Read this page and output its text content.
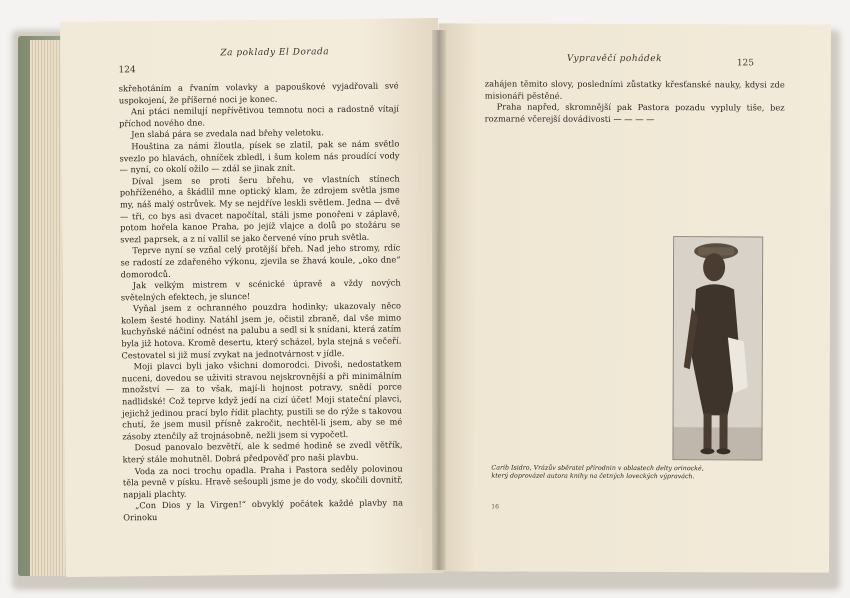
124
Za poklady El Dorada

skřehotáním a řvaním volavky a papouškové vyjadřovali své uspokojení, že příšerné noci je konec.

Ani ptáci nemilují nepřívětivou temnotu noci a radostně vítají příchod nového dne.

Jen slabá pára se zvedala nad břehy veletoku.

Houština za námi žloutla, písek se zlatil, pak se nám světlo svezlo po hlavách, ohníček zbledl, i šum kolem nás proudící vody — nyní, co okolí ožilo — zdál se jinak znít.

Díval jsem se proti šeru břehu, ve vlastních stínech pohříženého, a škádlil mne optický klam, že zdrojem světla jsme my, náš malý ostrůvek. My se nejdříve leskli světlem. Jedna — dvě — tři, co bys asi dvacet napočítal, stáli jsme ponořeni v záplavě, potom hořela kanoe Praha, po jejíž vlajce a dolů po stožáru se svezl paprsek, a z ní vallil se jako červené víno pruh světla.

Teprve nyní se vzňal celý protější břeh. Nad jeho stromy, rdíc se radostí ze zdařeného výkonu, zjevila se žhavá koule, „oko dne“ domorodců.

Jak velkým mistrem v scénické úpravě a vždy nových světelných efektech, je slunce!

Vyňal jsem z ochranného pouzdra hodinky; ukazovaly něco kolem šesté hodiny. Natáhl jsem je, očistil zbraně, dal vše mimo kuchyňské náčiní odnést na palubu a sedl si k snídani, která zatím byla již hotova. Kromě desertu, který scházel, byla stejná s večeří. Cestovatel si již musí zvykat na jednotvárnost v jídle.

Moji plavci byli jako všichni domorodci. Divoši, nedostatkem nuceni, dovedou se uživiti stravou nejskrovnější a při minimálním množství — za to však, mají-li hojnost potravy, snědí porce nadlidské! Což teprve když jedí na cizí účet! Moji stateční plavci, jejichž jedinou prací bylo řídit plachty, pustili se do rýže s takovou chutí, že jsem musil přísně zakročit, nechtěl-li jsem, aby se mé zásoby ztenčily až trojnásobně, nežli jsem si vypočetl.

Dosud panovalo bezvětří, ale k sedmé hodině se zvedl větřík, který stále mohutněl. Dobrá předpověď pro naši plavbu.

Voda za noci trochu opadla. Praha i Pastora seděly polovinou těla pevně v písku. Hravě sešoupli jsme je do vody, skočili dovnitř, napjali plachty.

„Con Dios y la Virgen!“ obvyklý počátek každé plavby na Orinoku

Vypravěčí pohádek	125

zahájen těmito slovy, posledními zůstatky křesťanské nauky, kdysi zde misionáři pěstěné.

Praha napřed, skromnější pak Pastora pozadu vypluly tiše, bez rozmarné včerejší dovádivosti — — — —

Carib Isidro, Vrázův sběratel přírodnin v oblastech delty orinocké, který doprovázel autora knihy na četných loveckých výpravách.
16
